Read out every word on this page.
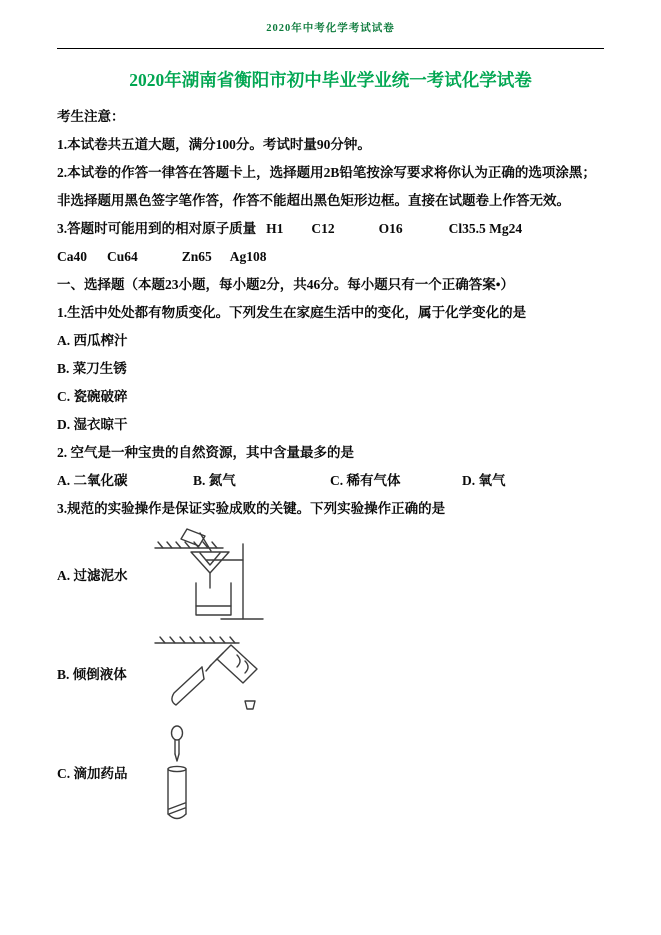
2020年中考化学考试试卷
2020年湖南省衡阳市初中毕业学业统一考试化学试卷

考生注意：

1.本试卷共五道大题，满分100分。考试时量90分钟。

2.本试卷的作答一律答在答题卡上，选择题用2B铅笔按涂写要求将你认为正确的选项涂黑；非选择题用黑色签字笔作答，作答不能超出黑色矩形边框。直接在试题卷上作答无效。

3.答题时可能用到的相对原子质量 H1 C12	O16	Cl35.5 Mg24

Ca40 Cu64	Zn65 Ag108

一、选择题（本题23小题，每小题2分，共46分。每小题只有一个正确答案•）

1.生活中处处都有物质变化。下列发生在家庭生活中的变化，属于化学变化的是

A. 西瓜榨汁

B. 菜刀生锈

C. 瓷碗破碎

D. 湿衣晾干

2. 空气是一种宝贵的自然资源，其中含量最多的是

A. 二氧化碳	B. 氮气	C. 稀有气体	D. 氧气

3.规范的实验操作是保证实验成败的关键。下列实验操作正确的是

A. 过滤泥水
B. 倾倒液体
C. 滴加药品
